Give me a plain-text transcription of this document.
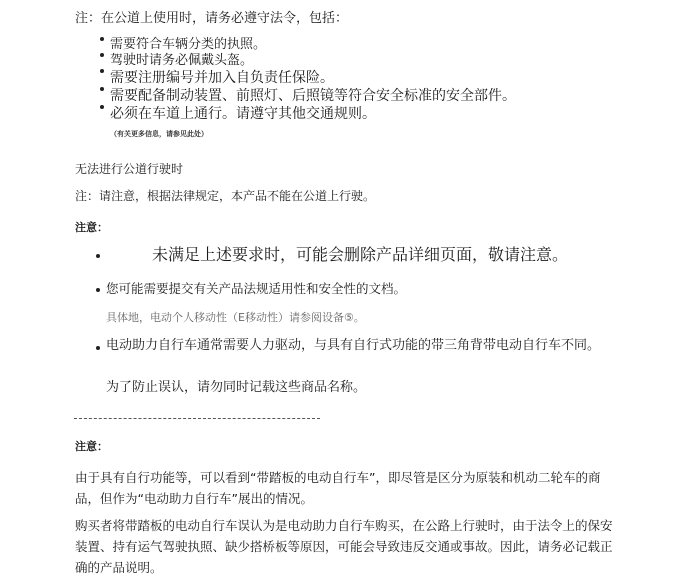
注：在公道上使用时，请务必遵守法令，包括：
需要符合车辆分类的执照。
驾驶时请务必佩戴头盔。
需要注册编号并加入自负责任保险。
需要配备制动装置、前照灯、后照镜等符合安全标准的安全部件。
必须在车道上通行。请遵守其他交通规则。
（有关更多信息，请参见此处）
无法进行公道行驶时
注：请注意，根据法律规定，本产品不能在公道上行驶。
注意：
未满足上述要求时，可能会删除产品详细页面，敬请注意。
您可能需要提交有关产品法规适用性和安全性的文档。
具体地，电动个人移动性（E移动性）请参阅设备⑤。
电动助力自行车通常需要人力驱动，与具有自行式功能的带三角背带电动自行车不同。
为了防止误认，请勿同时记载这些商品名称。
注意：
由于具有自行功能等，可以看到“带踏板的电动自行车”，即尽管是区分为原装和机动二轮车的商品，但作为“电动助力自行车”展出的情况。
购买者将带踏板的电动自行车误认为是电动助力自行车购买，在公路上行驶时，由于法令上的保安装置、持有运气驾驶执照、缺少搭桥板等原因，可能会导致违反交通或事故。因此，请务必记载正确的产品说明。
